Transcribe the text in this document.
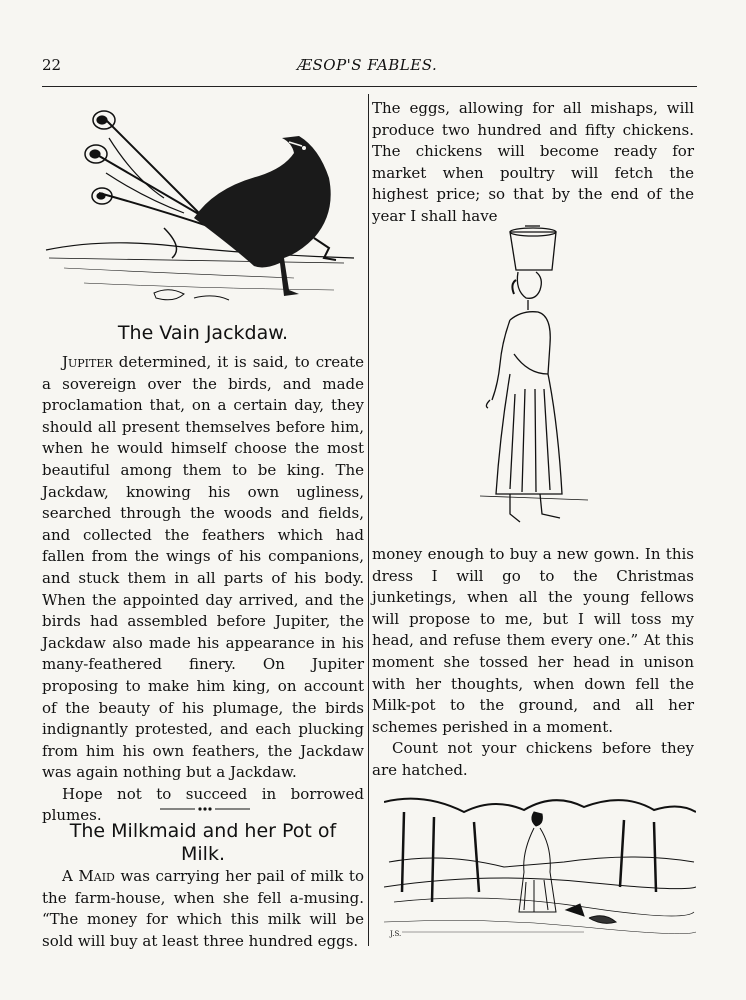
22	ÆSOP'S FABLES.
The Vain Jackdaw.

Jupiter determined, it is said, to create a sovereign over the birds, and made proclamation that, on a certain day, they should all present themselves before him, when he would himself choose the most beautiful among them to be king. The Jackdaw, knowing his own ugliness, searched through the woods and fields, and collected the feathers which had fallen from the wings of his companions, and stuck them in all parts of his body. When the appointed day arrived, and the birds had assembled before Jupiter, the Jackdaw also made his appearance in his many-feathered finery. On Jupiter proposing to make him king, on account of the beauty of his plumage, the birds indignantly protested, and each plucking from him his own feathers, the Jackdaw was again nothing but a Jackdaw.

Hope not to succeed in borrowed plumes.

The Milkmaid and her Pot of
Milk.

A Maid was carrying her pail of milk to the farm-house, when she fell a-musing. “The money for which this milk will be sold will buy at least three hundred eggs.

The eggs, allowing for all mishaps, will produce two hundred and fifty chickens. The chickens will become ready for market when poultry will fetch the highest price; so that by the end of the year I shall have

money enough to buy a new gown. In this dress I will go to the Christmas junketings, when all the young fellows will propose to me, but I will toss my head, and refuse them every one.” At this moment she tossed her head in unison with her thoughts, when down fell the Milk-pot to the ground, and all her schemes perished in a moment.

Count not your chickens before they are hatched.

J.S.
